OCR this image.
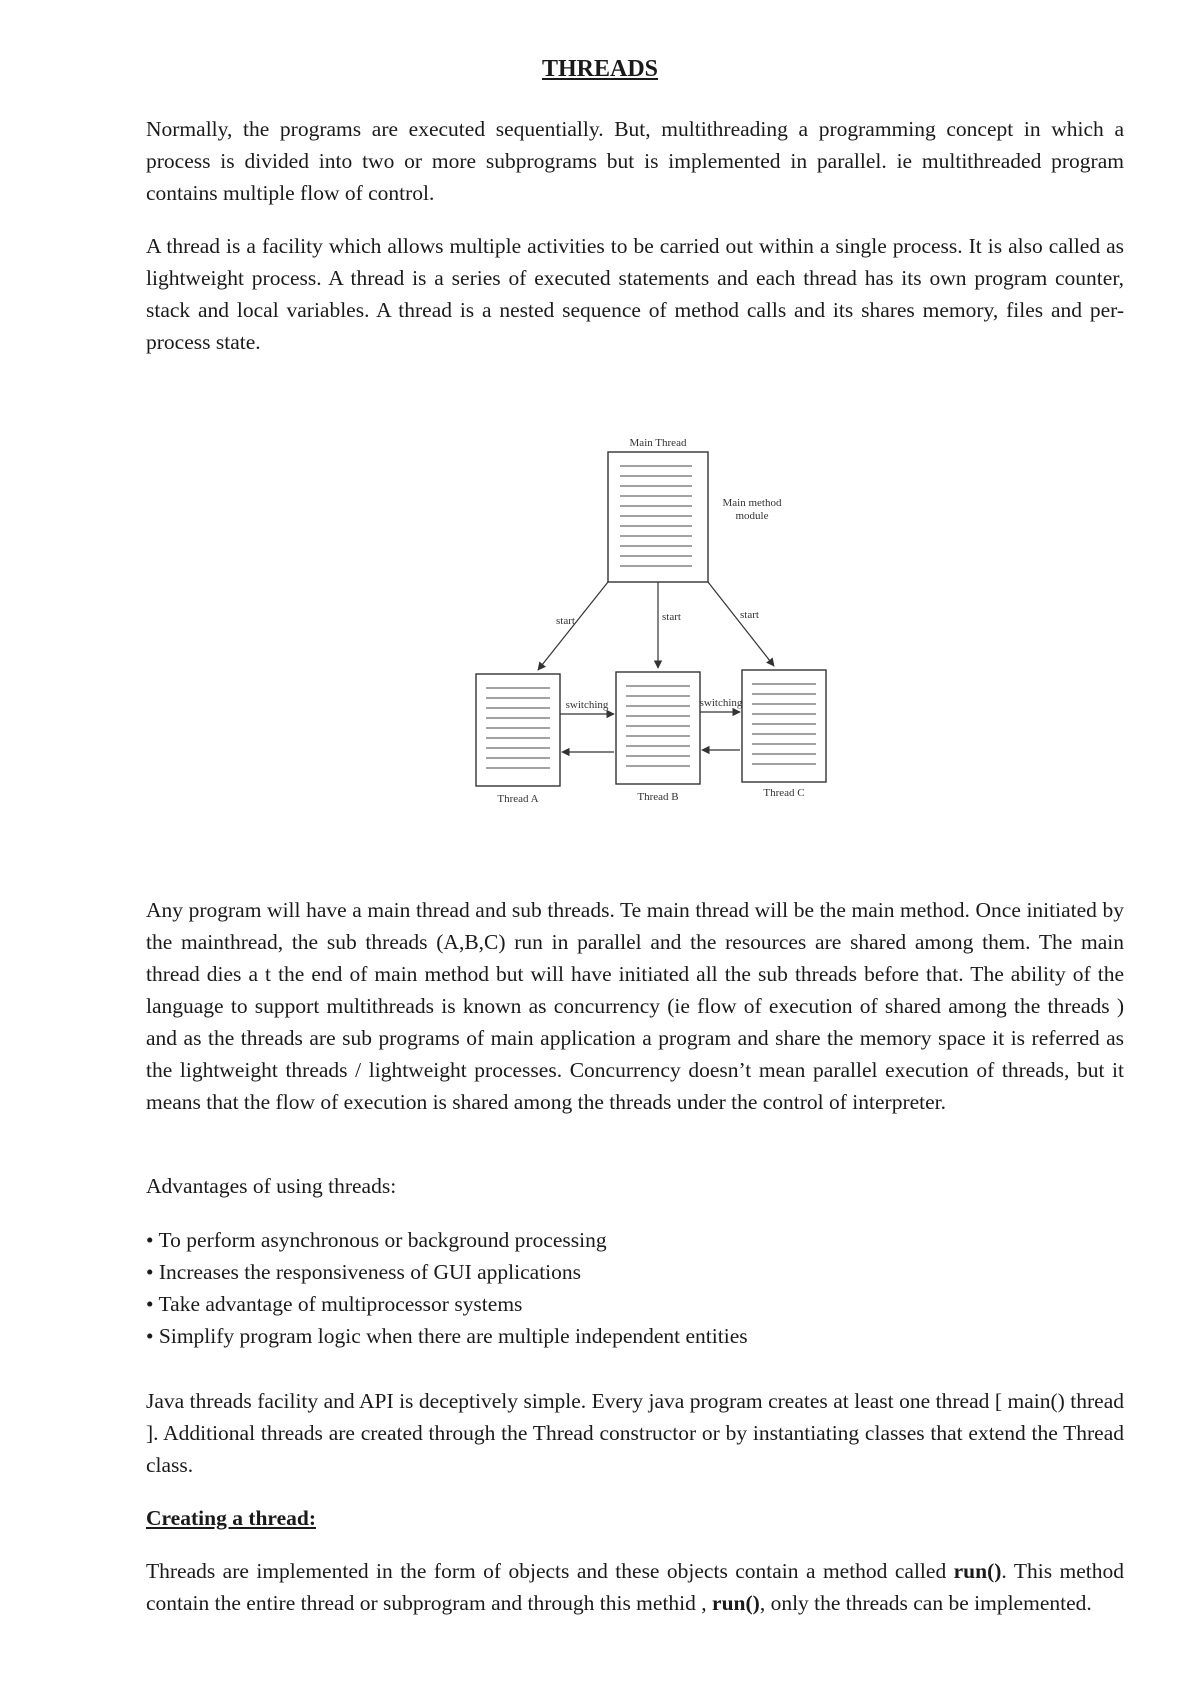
THREADS

Normally, the programs are executed sequentially. But, multithreading a programming concept in which a process is divided into two or more subprograms but is implemented in parallel. ie multithreaded program contains multiple flow of control.

A thread is a facility which allows multiple activities to be carried out within a single process. It is also called as lightweight process. A thread is a series of executed statements and each thread has its own program counter, stack and local variables. A thread is a nested sequence of method calls and its shares memory, files and per-process state.

Main Thread
Main method
module
start	start	start
Thread A	Thread B	Thread C
switching	switching

Any program will have a main thread and sub threads. Te main thread will be the main method. Once initiated by the mainthread, the sub threads (A,B,C) run in parallel and the resources are shared among them. The main thread dies a t the end of main method but will have initiated all the sub threads before that. The ability of the language to support multithreads is known as concurrency (ie flow of execution of shared among the threads ) and as the threads are sub programs of main application a program and share the memory space it is referred as the lightweight threads / lightweight processes. Concurrency doesn’t mean parallel execution of threads, but it means that the flow of execution is shared among the threads under the control of interpreter.

Advantages of using threads:

• To perform asynchronous or background processing
• Increases the responsiveness of GUI applications
• Take advantage of multiprocessor systems
• Simplify program logic when there are multiple independent entities

Java threads facility and API is deceptively simple. Every java program creates at least one thread [ main() thread ]. Additional threads are created through the Thread constructor or by instantiating classes that extend the Thread class.

Creating a thread:

Threads are implemented in the form of objects and these objects contain a method called run(). This method contain the entire thread or subprogram and through this methid , run(), only the threads can be implemented.
